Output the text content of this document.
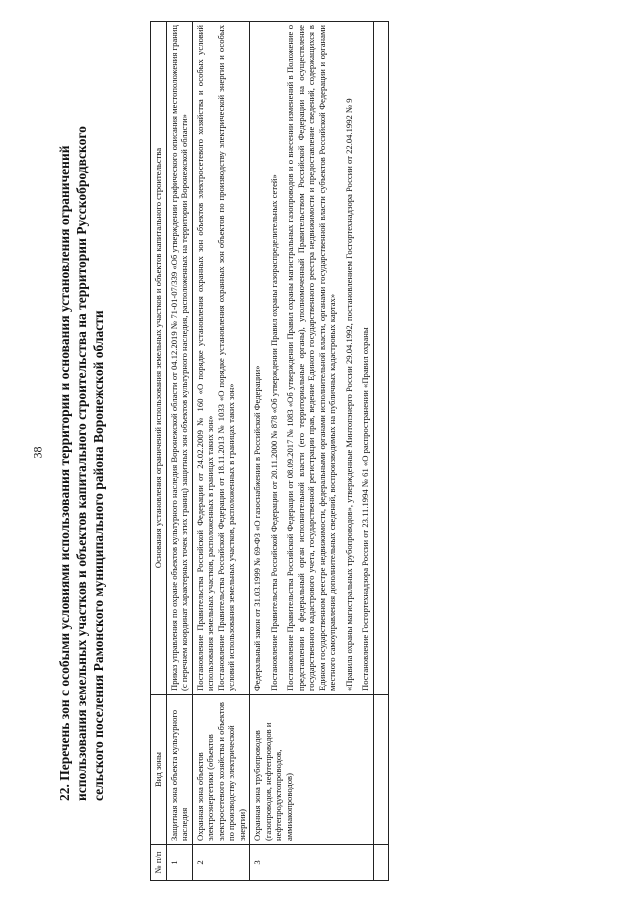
38 22. Перечень зон с особыми условиями использования территории и основания установления ограничений использования земельных участков и объектов капитального строительства на территории Русскобродвского сельского поселения Рамонского муниципального района Воронежской области
№ п/п	Вид зоны	Основания установления ограничений использования земельных участков и объектов капитального строительства
1	Защитная зона объекта культурного наследия	Приказ управления по охране объектов культурного наследия Воронежской области от 04.12.2019 № 71-01-07/339 «Об утверждении графического описания местоположения границ (с перечнем координат характерных точек этих границ) защитных зон объектов культурного наследия, расположенных на территории Воронежской области»

2	Охранная зона объектов электроэнергетики (объектов электросетевого хозяйства и объектов по производству электрической энергии)	Постановление Правительства Российской Федерации от 24.02.2009 № 160 «О порядке установления охранных зон объектов электросетевого хозяйства и особых условий использования земельных участков, расположенных в границах таких зон» Постановление Правительства Российской Федерации от 18.11.2013 № 1033 «О порядке установления охранных зон объектов по производству электрической энергии и особых условий использования земельных участков, расположенных в границах таких зон»

3	Охранная зона трубопроводов (газопроводов, нефтепроводов и нефтепродуктопроводов, аммиакопроводов)	Федеральный закон от 31.03.1999 № 69-ФЗ «О газоснабжении в Российской Федерации» Постановление Правительства Российской Федерации от 20.11.2000 № 878 «Об утверждении Правил охраны газораспределительных сетей» Постановление Правительства Российской Федерации от 08.09.2017 № 1083 «Об утверждении Правил охраны магистральных газопроводов и о внесении изменений в Положение о представлении в федеральный орган исполнительной власти (его территориальные органы), уполномоченный Правительством Российской Федерации на осуществление государственного кадастрового учета, государственной регистрации прав, ведение Единого государственного реестра недвижимости и предоставление сведений, содержащихся в Едином государственном реестре недвижимости, федеральными органами исполнительной власти, органами государственной власти субъектов Российской Федерации и органами местного самоуправления дополнительных сведений, воспроизводимых на публичных кадастровых картах» «Правила охраны магистральных трубопроводов», утвержденные Минтопэнерго России 29.04.1992, постановлением Госгортехнадзора России от 22.04.1992 № 9 Постановление Госгортехнадзора России от 23.11.1994 № 61 «О распространении «Правил охраны
